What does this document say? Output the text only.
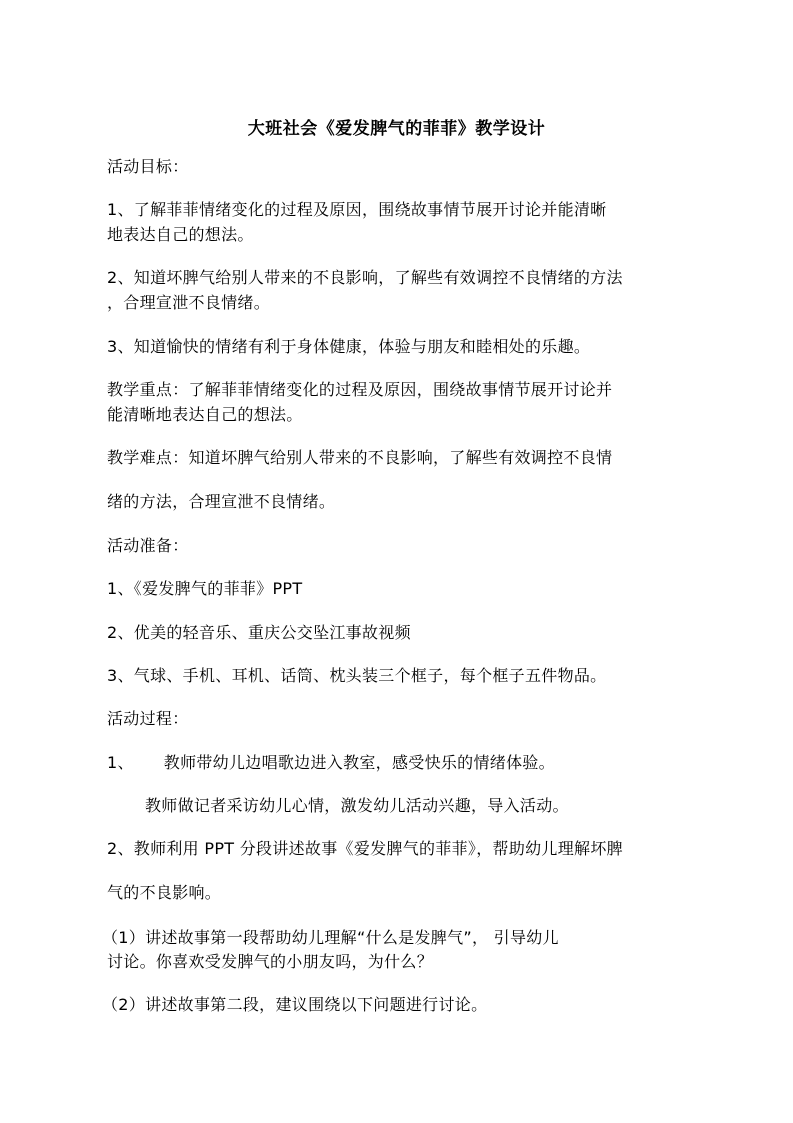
大班社会《爱发脾气的菲菲》教学设计
活动目标：
1、了解菲菲情绪变化的过程及原因，围绕故事情节展开讨论并能清晰
地表达自己的想法。
2、知道坏脾气给别人带来的不良影响，了解些有效调控不良情绪的方法
，合理宣泄不良情绪。
3、知道愉快的情绪有利于身体健康，体验与朋友和睦相处的乐趣。
教学重点：了解菲菲情绪变化的过程及原因，围绕故事情节展开讨论并
能清晰地表达自己的想法。
教学难点：知道坏脾气给别人带来的不良影响，了解些有效调控不良情
绪的方法，合理宣泄不良情绪。
活动准备：
1、《爱发脾气的菲菲》PPT
2、优美的轻音乐、重庆公交坠江事故视频
3、气球、手机、耳机、话筒、枕头装三个框子，每个框子五件物品。
活动过程：
1、 教师带幼儿边唱歌边进入教室，感受快乐的情绪体验。
教师做记者采访幼儿心情，激发幼儿活动兴趣，导入活动。
2、教师利用 PPT 分段讲述故事《爱发脾气的菲菲》，帮助幼儿理解坏脾
气的不良影响。
（1）讲述故事第一段帮助幼儿理解“什么是发脾气”， 引导幼儿
讨论。你喜欢受发脾气的小朋友吗，为什么？
（2）讲述故事第二段，建议围绕以下问题进行讨论。
